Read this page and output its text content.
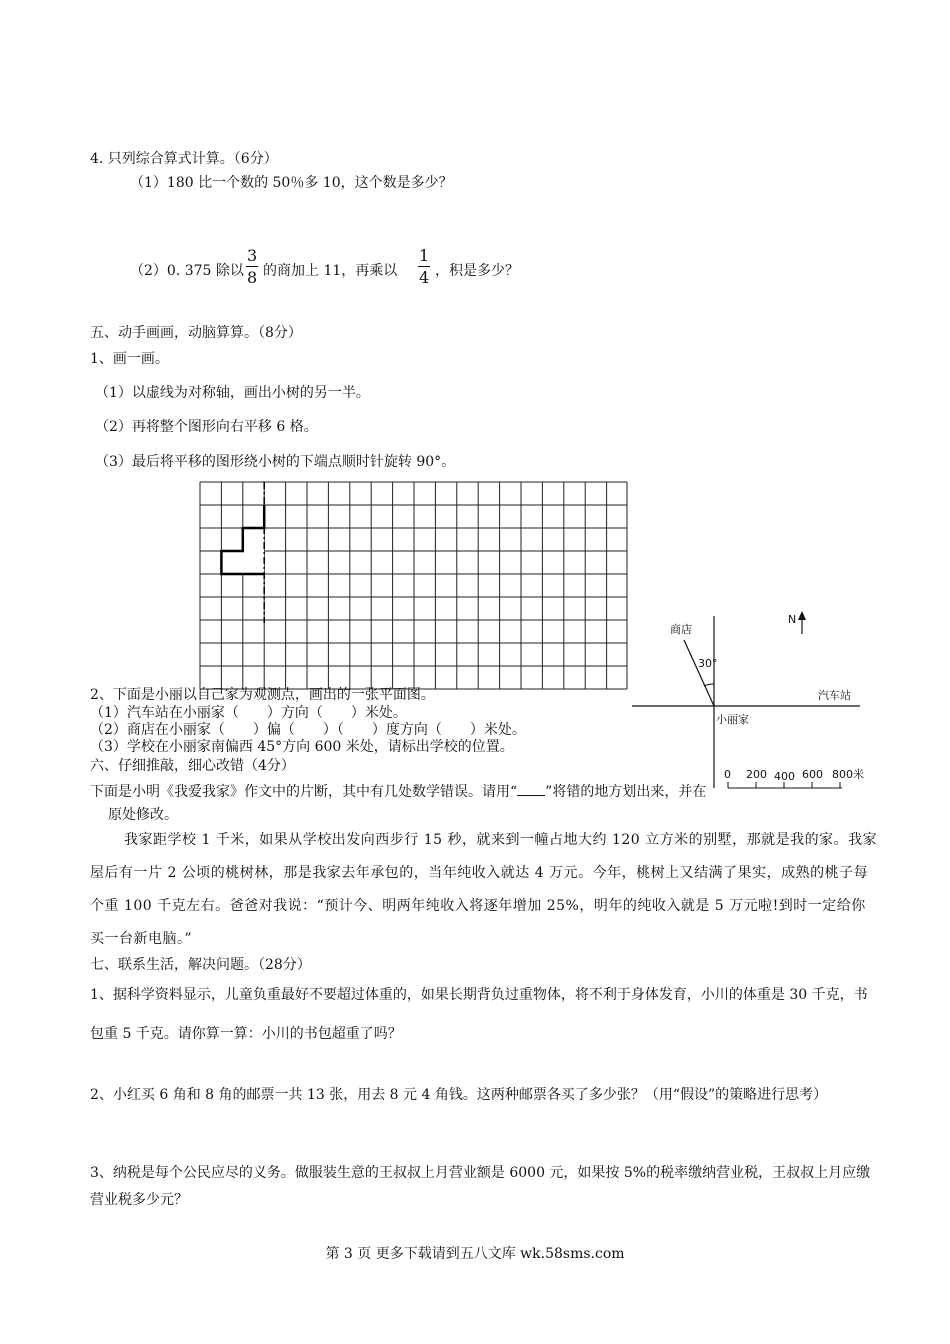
4. 只列综合算式计算。（6分）
（1）180 比一个数的 50％多 10，这个数是多少？
（2）0. 375 除以 $\frac{3}{8}$ 的商加上 11，再乘以 $\frac{1}{4}$ ，积是多少？
五、动手画画，动脑算算。（8分）
1、画一画。
（1）以虚线为对称轴，画出小树的另一半。
（2）再将整个图形向右平移 6 格。
（3）最后将平移的图形绕小树的下端点顺时针旋转 90°。
N
商店
30°
汽车站
小丽家
0 200 400 600 800米
2、下面是小丽以自己家为观测点，画出的一张平面图。
（1）汽车站在小丽家（　　）方向（　　）米处。
（2）商店在小丽家（　　）偏（　　）（　　）度方向（　　）米处。
（3）学校在小丽家南偏西 45°方向 600 米处，请标出学校的位置。
六、仔细推敲，细心改错（4分）
下面是小明《我爱我家》作文中的片断，其中有几处数学错误。请用“ ”将错的地方划出来，并在
原处修改。
我家距学校 1 千米，如果从学校出发向西步行 15 秒，就来到一幢占地大约 120 立方米的别墅，那就是我的家。我家屋后有一片 2 公顷的桃树林，那是我家去年承包的，当年纯收入就达 4 万元。今年，桃树上又结满了果实，成熟的桃子每个重 100 千克左右。爸爸对我说：“预计今、明两年纯收入将逐年增加 25%，明年的纯收入就是 5 万元啦!到时一定给你买一台新电脑。”
七、联系生活，解决问题。（28分）
1、据科学资料显示，儿童负重最好不要超过体重的，如果长期背负过重物体，将不利于身体发育，小川的体重是 30 千克，书包重 5 千克。请你算一算：小川的书包超重了吗？
2、小红买 6 角和 8 角的邮票一共 13 张，用去 8 元 4 角钱。这两种邮票各买了多少张？（用“假设”的策略进行思考）
3、纳税是每个公民应尽的义务。做服装生意的王叔叔上月营业额是 6000 元，如果按 5%的税率缴纳营业税，王叔叔上月应缴营业税多少元？
第 3 页 更多下载请到五八文库 wk.58sms.com
